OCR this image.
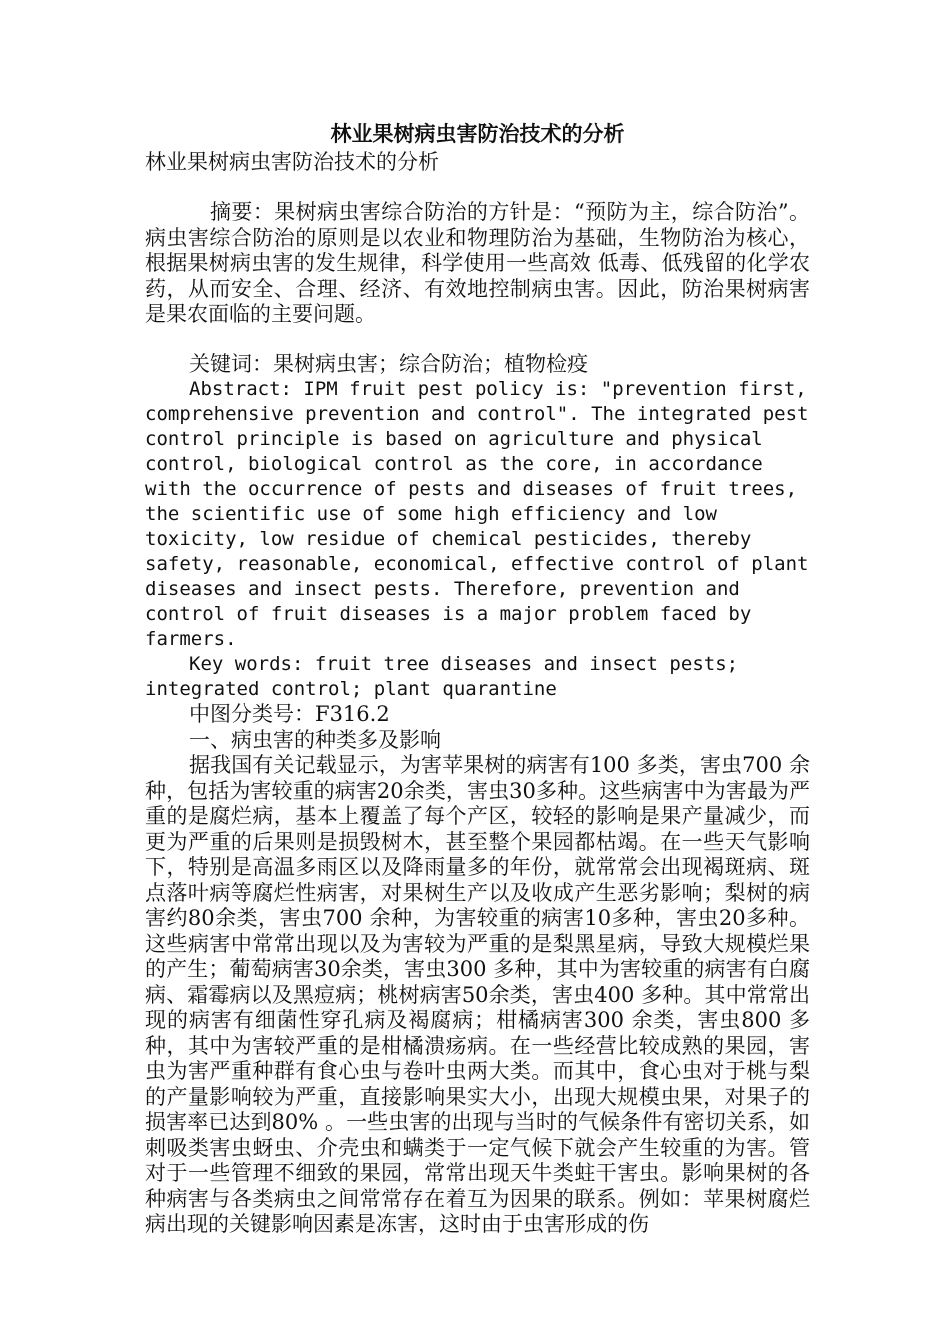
林业果树病虫害防治技术的分析

林业果树病虫害防治技术的分析

摘要：果树病虫害综合防治的方针是：“预防为主，综合防治”。病虫害综合防治的原则是以农业和物理防治为基础，生物防治为核心，根据果树病虫害的发生规律，科学使用一些高效 低毒、低残留的化学农药，从而安全、合理、经济、有效地控制病虫害。因此，防治果树病害是果农面临的主要问题。

关键词：果树病虫害；综合防治；植物检疫

Abstract: IPM fruit pest policy is: "prevention first, comprehensive prevention and control". The integrated pest control principle is based on agriculture and physical control, biological control as the core, in accordance with the occurrence of pests and diseases of fruit trees, the scientific use of some high efficiency and low toxicity, low residue of chemical pesticides, thereby safety, reasonable, economical, effective control of plant diseases and insect pests. Therefore, prevention and control of fruit diseases is a major problem faced by farmers.

Key words: fruit tree diseases and insect pests; integrated control; plant quarantine

中图分类号：F316.2

一、病虫害的种类多及影响

据我国有关记载显示，为害苹果树的病害有100 多类，害虫700 余种，包括为害较重的病害20余类，害虫30多种。这些病害中为害最为严重的是腐烂病，基本上覆盖了每个产区，较轻的影响是果产量减少，而更为严重的后果则是损毁树木，甚至整个果园都枯竭。在一些天气影响下，特别是高温多雨区以及降雨量多的年份，就常常会出现褐斑病、斑点落叶病等腐烂性病害，对果树生产以及收成产生恶劣影响；梨树的病害约80余类，害虫700 余种，为害较重的病害10多种，害虫20多种。这些病害中常常出现以及为害较为严重的是梨黑星病，导致大规模烂果的产生；葡萄病害30余类，害虫300 多种，其中为害较重的病害有白腐病、霜霉病以及黑痘病；桃树病害50余类，害虫400 多种。其中常常出现的病害有细菌性穿孔病及褐腐病；柑橘病害300 余类，害虫800 多种，其中为害较严重的是柑橘溃疡病。在一些经营比较成熟的果园，害虫为害严重种群有食心虫与卷叶虫两大类。而其中，食心虫对于桃与梨的产量影响较为严重，直接影响果实大小，出现大规模虫果，对果子的损害率已达到80% 。一些虫害的出现与当时的气候条件有密切关系，如刺吸类害虫蚜虫、介壳虫和螨类于一定气候下就会产生较重的为害。管对于一些管理不细致的果园，常常出现天牛类蛀干害虫。影响果树的各种病害与各类病虫之间常常存在着互为因果的联系。例如：苹果树腐烂病出现的关键影响因素是冻害，这时由于虫害形成的伤
